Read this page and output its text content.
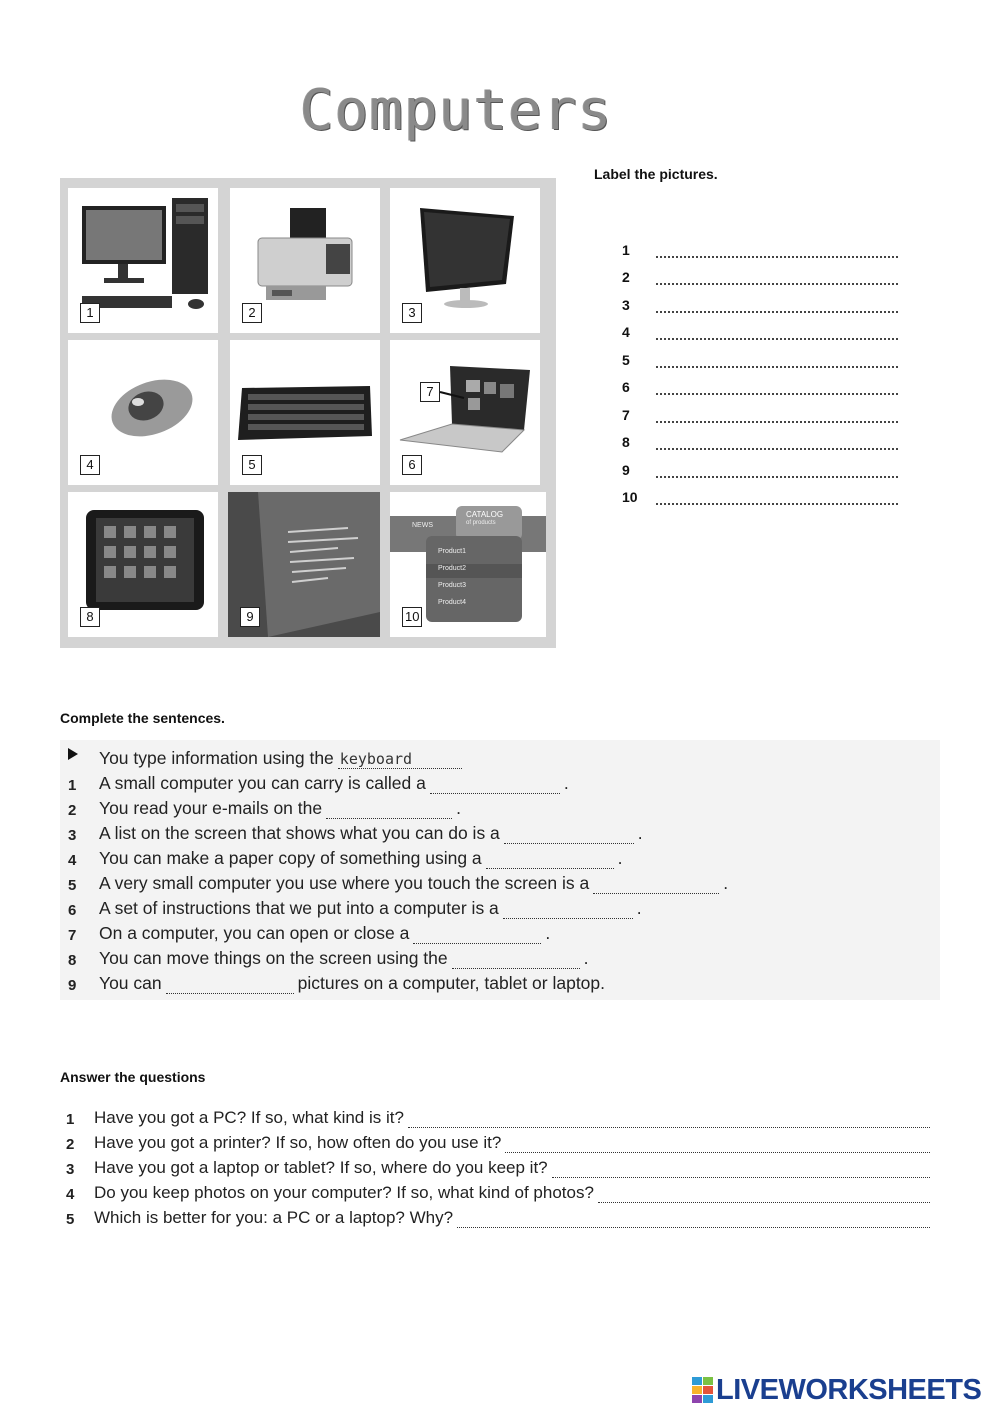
Computers
Label the pictures.
1	2	3
4	5
7
6
8	9
NEWS
CATALOG
of products
Product1
Product2
Product3
Product4
10
1
2
3
4
5
6
7
8
9
10
Complete the sentences.
You type information using the keyboard
1	A small computer you can carry is called a	.
2	You read your e-mails on the	.
3	A list on the screen that shows what you can do is a	.
4	You can make a paper copy of something using a	.
5	A very small computer you use where you touch the screen is a	.
6	A set of instructions that we put into a computer is a	.
7	On a computer, you can open or close a	.
8	You can move things on the screen using the	.
9	You can	pictures on a computer, tablet or laptop.
Answer the questions
1	Have you got a PC? If so, what kind is it?
2	Have you got a printer? If so, how often do you use it?
3	Have you got a laptop or tablet? If so, where do you keep it?
4	Do you keep photos on your computer? If so, what kind of photos?
5	Which is better for you: a PC or a laptop? Why?
LIVEWORKSHEETS
